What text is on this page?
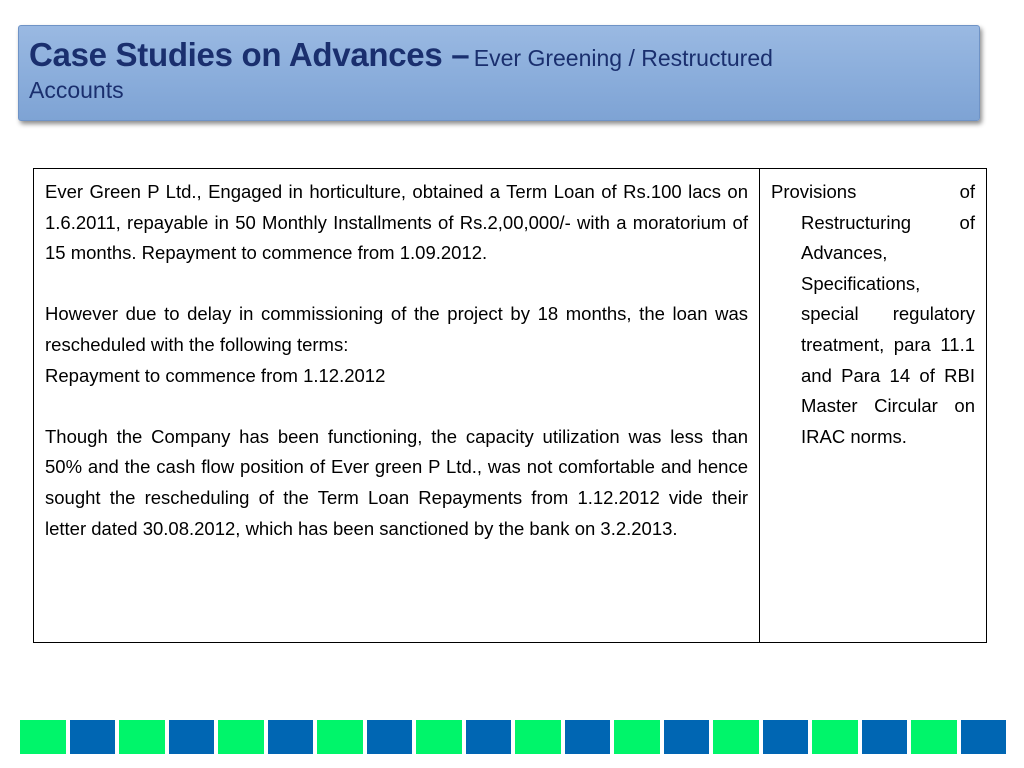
Case Studies on Advances – Ever Greening / Restructured
Accounts

Ever Green P Ltd., Engaged in horticulture, obtained a Term Loan of Rs.100 lacs on 1.6.2011, repayable in 50 Monthly Installments of Rs.2,00,000/- with a moratorium of 15 months. Repayment to commence from 1.09.2012.

However due to delay in commissioning of the project by 18 months, the loan was rescheduled with the following terms:
Repayment to commence from 1.12.2012

Though the Company has been functioning, the capacity utilization was less than 50% and the cash flow position of Ever green P Ltd., was not comfortable and hence sought the rescheduling of the Term Loan Repayments from 1.12.2012 vide their letter dated 30.08.2012, which has been sanctioned by the bank on 3.2.2013.

Provisions of Restructuring of Advances, Specifications, special regulatory treatment, para 11.1 and Para 14 of RBI Master Circular on IRAC norms.
